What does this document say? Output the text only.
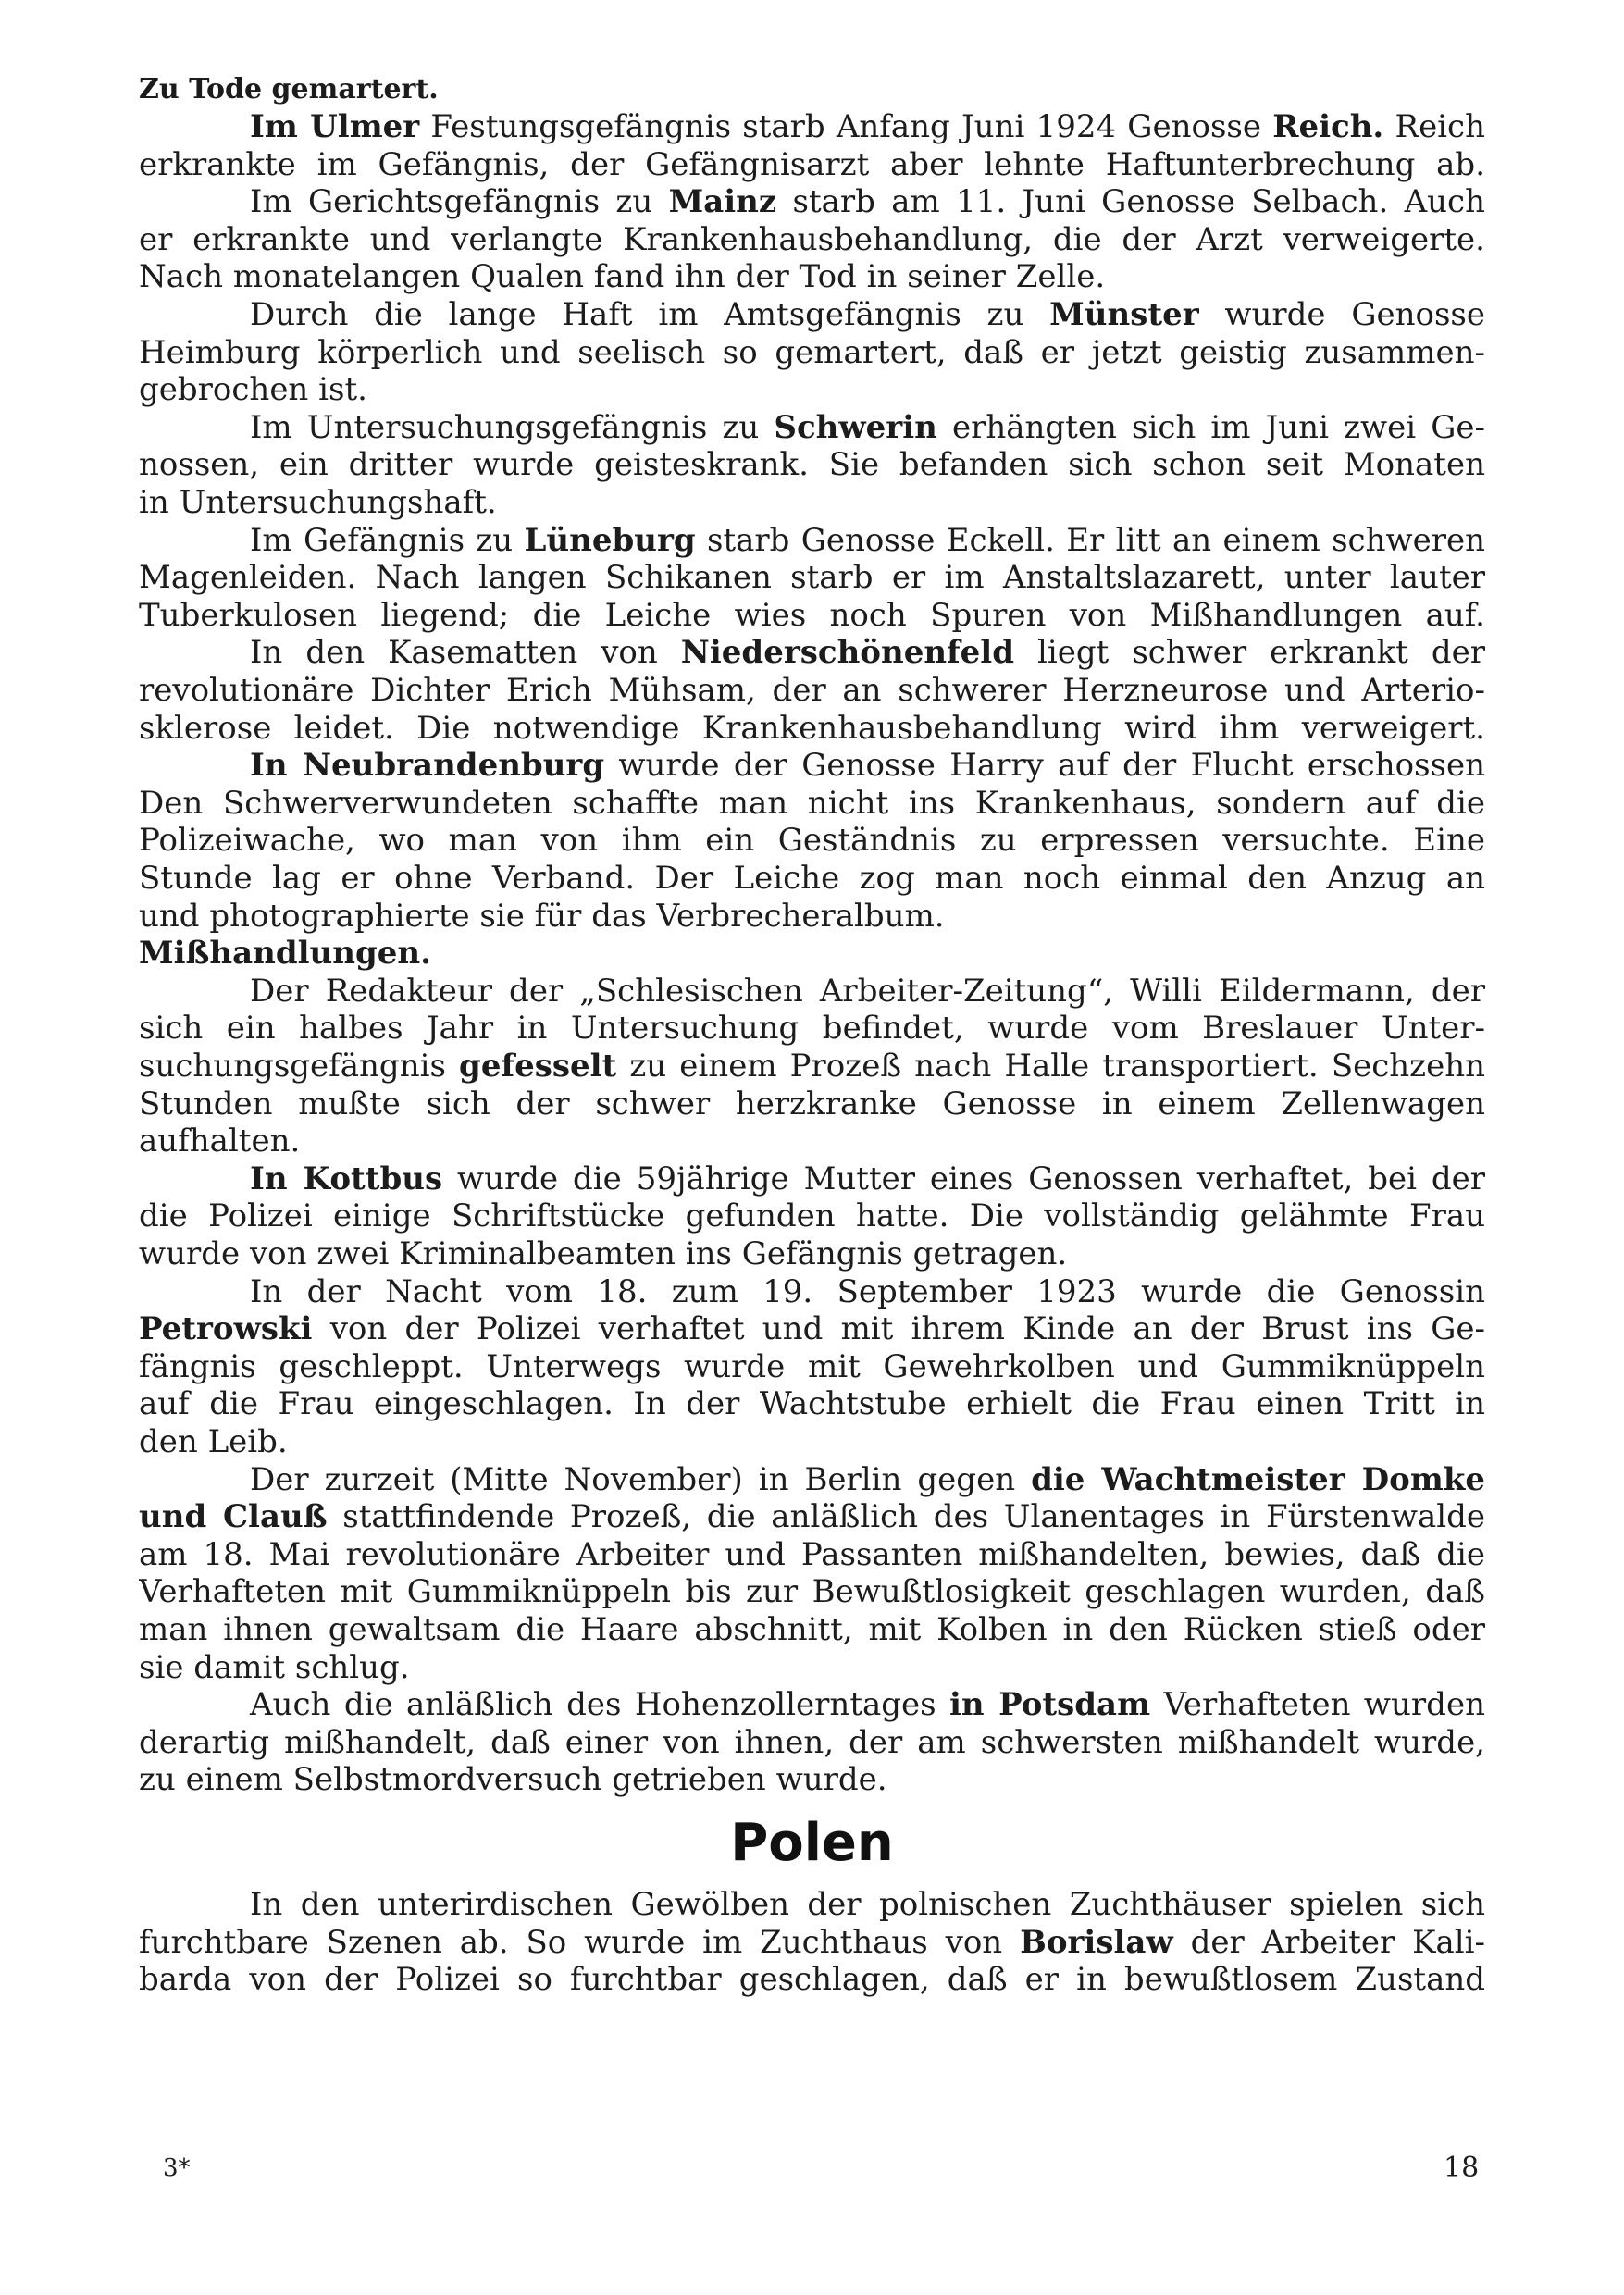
Zu Tode gemartert.
Im Ulmer Festungsgefängnis starb Anfang Juni 1924 Genosse Reich. Reich
erkrankte im Gefängnis, der Gefängnisarzt aber lehnte Haftunterbrechung ab.
Im Gerichtsgefängnis zu Mainz starb am 11. Juni Genosse Selbach. Auch
er erkrankte und verlangte Krankenhausbehandlung, die der Arzt verweigerte.
Nach monatelangen Qualen fand ihn der Tod in seiner Zelle.
Durch die lange Haft im Amtsgefängnis zu Münster wurde Genosse
Heimburg körperlich und seelisch so gemartert, daß er jetzt geistig zusammen-
gebrochen ist.
Im Untersuchungsgefängnis zu Schwerin erhängten sich im Juni zwei Ge-
nossen, ein dritter wurde geisteskrank. Sie befanden sich schon seit Monaten
in Untersuchungshaft.
Im Gefängnis zu Lüneburg starb Genosse Eckell. Er litt an einem schweren
Magenleiden. Nach langen Schikanen starb er im Anstaltslazarett, unter lauter
Tuberkulosen liegend; die Leiche wies noch Spuren von Mißhandlungen auf.
In den Kasematten von Niederschönenfeld liegt schwer erkrankt der
revolutionäre Dichter Erich Mühsam, der an schwerer Herzneurose und Arterio-
sklerose leidet. Die notwendige Krankenhausbehandlung wird ihm verweigert.
In Neubrandenburg wurde der Genosse Harry auf der Flucht erschossen
Den Schwerverwundeten schaffte man nicht ins Krankenhaus, sondern auf die
Polizeiwache, wo man von ihm ein Geständnis zu erpressen versuchte. Eine
Stunde lag er ohne Verband. Der Leiche zog man noch einmal den Anzug an
und photographierte sie für das Verbrecheralbum.
Mißhandlungen.
Der Redakteur der „Schlesischen Arbeiter-Zeitung“, Willi Eildermann, der
sich ein halbes Jahr in Untersuchung befindet, wurde vom Breslauer Unter-
suchungsgefängnis gefesselt zu einem Prozeß nach Halle transportiert. Sechzehn
Stunden mußte sich der schwer herzkranke Genosse in einem Zellenwagen
aufhalten.
In Kottbus wurde die 59jährige Mutter eines Genossen verhaftet, bei der
die Polizei einige Schriftstücke gefunden hatte. Die vollständig gelähmte Frau
wurde von zwei Kriminalbeamten ins Gefängnis getragen.
In der Nacht vom 18. zum 19. September 1923 wurde die Genossin
Petrowski von der Polizei verhaftet und mit ihrem Kinde an der Brust ins Ge-
fängnis geschleppt. Unterwegs wurde mit Gewehrkolben und Gummiknüppeln
auf die Frau eingeschlagen. In der Wachtstube erhielt die Frau einen Tritt in
den Leib.
Der zurzeit (Mitte November) in Berlin gegen die Wachtmeister Domke
und Clauß stattfindende Prozeß, die anläßlich des Ulanentages in Fürstenwalde
am 18. Mai revolutionäre Arbeiter und Passanten mißhandelten, bewies, daß die
Verhafteten mit Gummiknüppeln bis zur Bewußtlosigkeit geschlagen wurden, daß
man ihnen gewaltsam die Haare abschnitt, mit Kolben in den Rücken stieß oder
sie damit schlug.
Auch die anläßlich des Hohenzollerntages in Potsdam Verhafteten wurden
derartig mißhandelt, daß einer von ihnen, der am schwersten mißhandelt wurde,
zu einem Selbstmordversuch getrieben wurde.
In den unterirdischen Gewölben der polnischen Zuchthäuser spielen sich
furchtbare Szenen ab. So wurde im Zuchthaus von Borislaw der Arbeiter Kali-
barda von der Polizei so furchtbar geschlagen, daß er in bewußtlosem Zustand
Polen
3*	18
